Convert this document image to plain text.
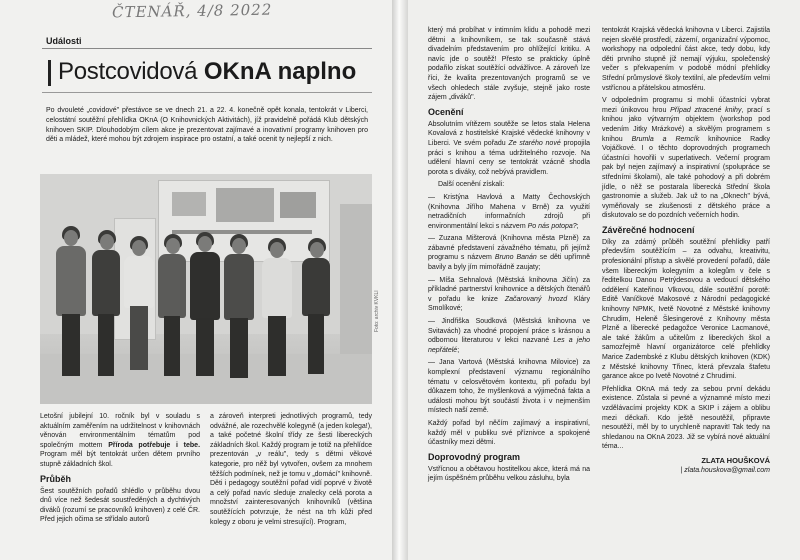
ČTENÁŘ, 4/8 2022
Události
Postcovidová OKnA naplno
Po dvouleté „covidové" přestávce se ve dnech 21. a 22. 4. konečně opět konala, tentokrát v Liberci, celostátní soutěžní přehlídka OKnA (O Knihovnických Aktivitách), jíž pravidelně pořádá Klub dětských knihoven SKIP. Dlouhodobým cílem akce je prezentovat zajímavé a inovativní programy knihoven pro děti a mládež, které mohou být zdrojem inspirace pro ostatní, a také ocenit ty nejlepší z nich.
Foto: archiv KVKLI

Letošní jubilejní 10. ročník byl v souladu s aktuálním zaměřením na udržitelnost v knihovnách věnován environmentálním tématům pod společným mottem Příroda potřebuje i tebe. Program měl být tentokrát určen dětem prvního stupně základních škol.

Průběh

Šest soutěžních pořadů shlédlo v průběhu dvou dnů více než šedesát soustředěných a dychtivých diváků (rozumí se pracovníků knihoven) z celé ČR. Před jejich očima se střídalo autorů

a zároveň interpreti jednotlivých programů, tedy odvážné, ale rozechvělé kolegyně (a jeden kolega!), a také početné školní třídy ze šesti libereckých základních škol. Každý program je totiž na přehlídce prezentován „v reálu", tedy s dětmi věkové kategorie, pro něž byl vytvořen, ovšem za mnohem těžších podmínek, než je tomu v „domácí" knihovně. Děti i pedagogy soutěžní pořad vidí poprvé v životě a celý pořad navíc sleduje znalecky celá porota a množství zainteresovaných knihovníků (většina soutěžících potvrzuje, že nést na trh kůži před kolegy z oboru je velmi stresující). Program,

který má probíhat v intimním klidu a pohodě mezi dětmi a knihovníkem, se tak současně stává divadelním představením pro ohlížející kritiku. A navíc jde o soutěž! Přesto se prakticky úplně podařilo získat soutěžící odvážlivce. A zároveň lze říci, že kvalita prezentovaných programů se ve všech ohledech stále zvyšuje, stejně jako roste zájem „diváků".

Ocenění

Absolutním vítězem soutěže se letos stala Helena Kovalová z hostitelské Krajské vědecké knihovny v Liberci. Ve svém pořadu Ze starého nové propojila práci s knihou a téma udržitelného rozvoje. Na udělení hlavní ceny se tentokrát vzácně shodla porota s diváky, což nebývá pravidlem.

Další ocenění získali:

— Kristýna Havlová a Matty Čechovských (Knihovna Jiřího Mahena v Brně) za využití netradičních informačních zdrojů při environmentální lekci s názvem Po nás potopa?;

— Zuzana Mišterová (Knihovna města Plzně) za zábavné představení závažného tématu, při jejímž programu s názvem Bruno Banán se děti upřímně bavily a byly jím mimořádně zaujaty;

— Míša Sehnalová (Městská knihovna Jičín) za příkladné partnerství knihovnice a dětských čtenářů v pořadu ke knize Začarovaný hvozd Kláry Smolíkové;

— Jindřiška Soudková (Městská knihovna ve Svitavách) za vhodné propojení práce s krásnou a odbornou literaturou v lekci nazvané Les a jeho nepřátelé;

— Jana Vartová (Městská knihovna Milovice) za komplexní představení významu regionálního tématu v celosvětovém kontextu, při pořadu byl důkazem toho, že myšlenková a výjimečná fakta a události mohou být součástí života i v nejmenším místech naší země.

Každý pořad byl něčím zajímavý a inspirativní, každý měl v publiku své příznivce a spokojené účastníky mezi dětmi.

Doprovodný program

Vstřícnou a obětavou hostitelkou akce, která má na jejím úspěšném průběhu velkou zásluhu, byla

tentokrát Krajská vědecká knihovna v Liberci. Zajistila nejen skvělé prostředí, zázemí, organizační výpomoc, workshopy na odpolední část akce, tedy dobu, kdy děti prvního stupně již nemají výjuku, společenský večer s překvapením v podobě módní přehlídky Střední průmyslové školy textilní, ale především velmi vstřícnou a přátelskou atmosféru.

V odpoledním programu si mohli účastníci vybrat mezi únikovou hrou Případ ztracené knihy, prací s knihou jako výtvarným objektem (workshop pod vedením Jitky Mrázkové) a skvělým programem s knihou Brumla a Remcík knihovnice Radky Vojáčkové. I o těchto doprovodných programech účastníci hovořili v superlativech. Večerní program pak byl nejen zajímavý a inspirativní (spolupráce se středními školami), ale také pohodový a při dobrém jídle, o něž se postarala liberecká Střední škola gastronomie a služeb. Jak už to na „Oknech" bývá, vyměňovaly se zkušenosti z dětského práce a diskutovalo se do pozdních večerních hodin.

Závěrečné hodnocení

Díky za zdárný průběh soutěžní přehlídky patří především soutěžícím – za odvahu, kreativitu, profesionální přístup a skvělé provedení pořadů, dále všem libereckým kolegyním a kolegům v čele s ředitelkou Danou Petrýdesovou a vedoucí dětského oddělení Kateřinou Vlkovou, dále soutěžní porotě: Editě Vaníčkové Makosové z Národní pedagogické knihovny NPMK, Ivetě Novotné z Městské knihovny Chrudim, Heleně Šlesingerové z Knihovny města Plzně a liberecké pedagožce Veronice Lacmanové, ale také žákům a učitelům z libereckých škol a samozřejmě hlavní organizátorce celé přehlídky Marice Zadembské z Klubu dětských knihoven (KDK) z Městské knihovny Třinec, která převzala štafetu garance akce po Ivetě Novotné z Chrudimi.

Přehlídka OKnA má tedy za sebou první dekádu existence. Zůstala si pevné a významné místo mezi vzdělávacími projekty KDK a SKIP i zájem a oblibu mezi děckaři. Kdo ještě nesoutěžil, připravte nesoutěží, měl by to urychleně napravit! Tak tedy na shledanou na OKnA 2023. Již se vybírá nové aktuální téma...

ZLATA HOUŠKOVÁ
| zlata.houskova@gmail.com
